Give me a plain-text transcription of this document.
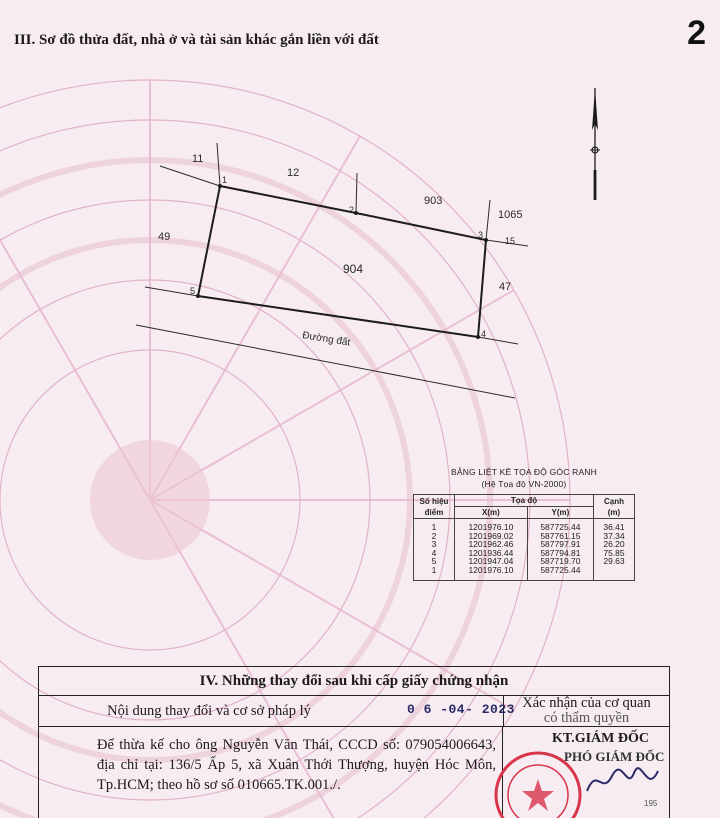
2
III. Sơ đồ thửa đất, nhà ở và tài sản khác gắn liền với đất
1
2
3
4
5
904
11
12
903
1065
15
49
47
Đường đất
BẢNG LIỆT KÊ TỌA ĐỘ GÓC RANH
(Hệ Tọa độ VN-2000)
Số hiệu
điểm	Tọa độ		Cạnh
(m)
	X(m)	Y(m)	
1	1201976.10	587725.44	36.41
2	1201969.02	587761.15	37.34
3	1201962.46	587797.91	26.20
4	1201936.44	587794.81	75.85
5	1201947.04	587719.70	29.63
1	1201976.10	587725.44	
IV. Những thay đổi sau khi cấp giấy chứng nhận
Nội dung thay đổi và cơ sở pháp lý	0 6 -04- 2023 Xác nhận của cơ quan
có thẩm quyền

Để thừa kế cho ông Nguyễn Văn Thái, CCCD số: 079054006643, địa chỉ tại: 136/5 Ấp 5, xã Xuân Thới Thượng, huyện Hóc Môn, Tp.HCM; theo hồ sơ số 010665.TK.001./.

KT.GIÁM ĐỐC
PHÓ GIÁM ĐỐC
195
